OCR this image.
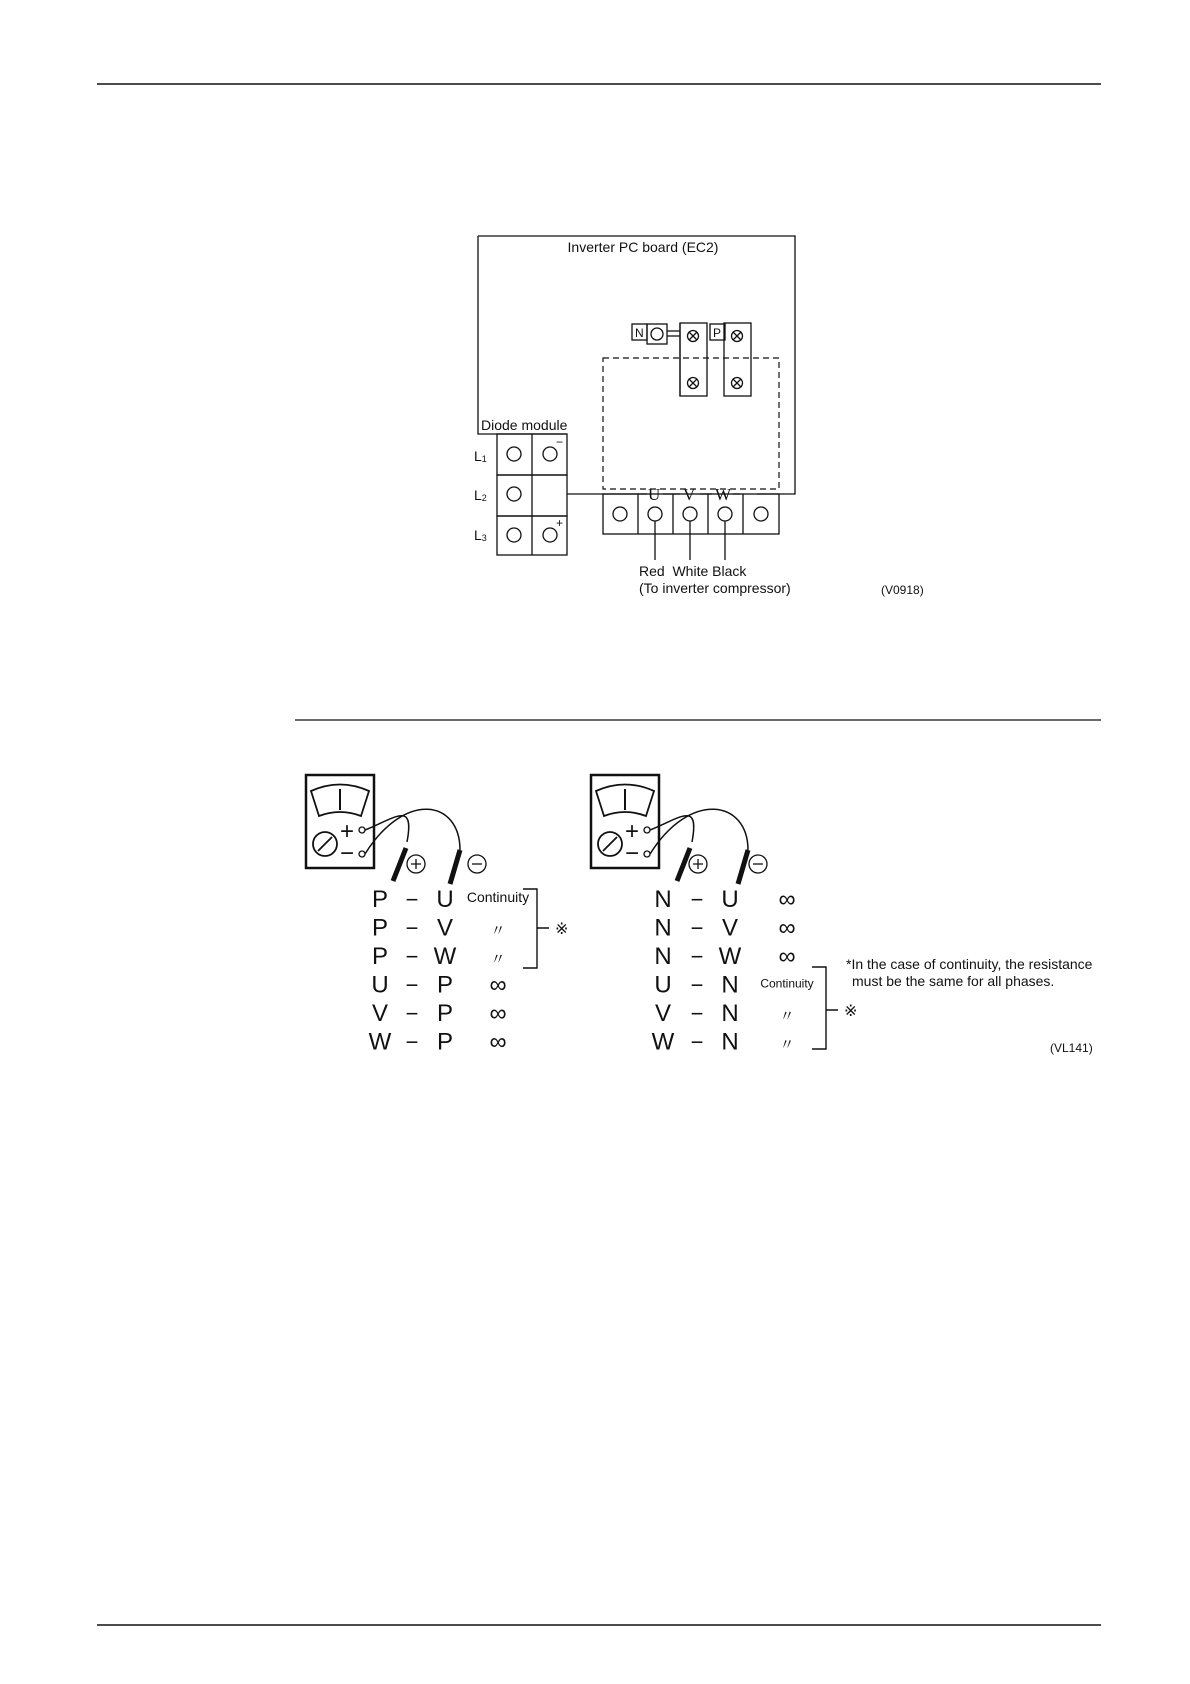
Inverter PC board (EC2)
N	P
Diode module
−
+
L1
L2
L3
U V W
Red  White Black
(To inverter compressor)	(V0918)
+
−
+
−
P − U Continuity
P − V 〃
P − W 〃
U − P ∞
V − P ∞
W − P ∞
N − U ∞
N − V ∞
N − W ∞
U − N Continuity
V − N	〃
W − N	〃
※
※
*In the case of continuity, the resistance
must be the same for all phases.
(VL141)
